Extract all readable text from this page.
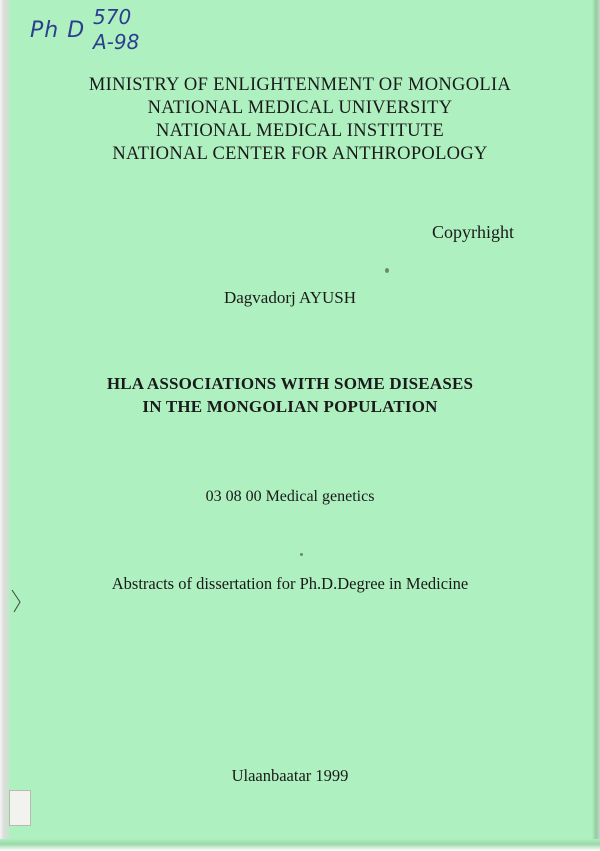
Ph D
570
A-98
MINISTRY OF ENLIGHTENMENT OF MONGOLIA
NATIONAL MEDICAL UNIVERSITY
NATIONAL MEDICAL INSTITUTE
NATIONAL CENTER FOR ANTHROPOLOGY
Copyrhight
Dagvadorj AYUSH
HLA ASSOCIATIONS WITH SOME DISEASES
IN THE MONGOLIAN POPULATION
03 08 00 Medical genetics
Abstracts of dissertation for Ph.D.Degree in Medicine
Ulaanbaatar 1999
